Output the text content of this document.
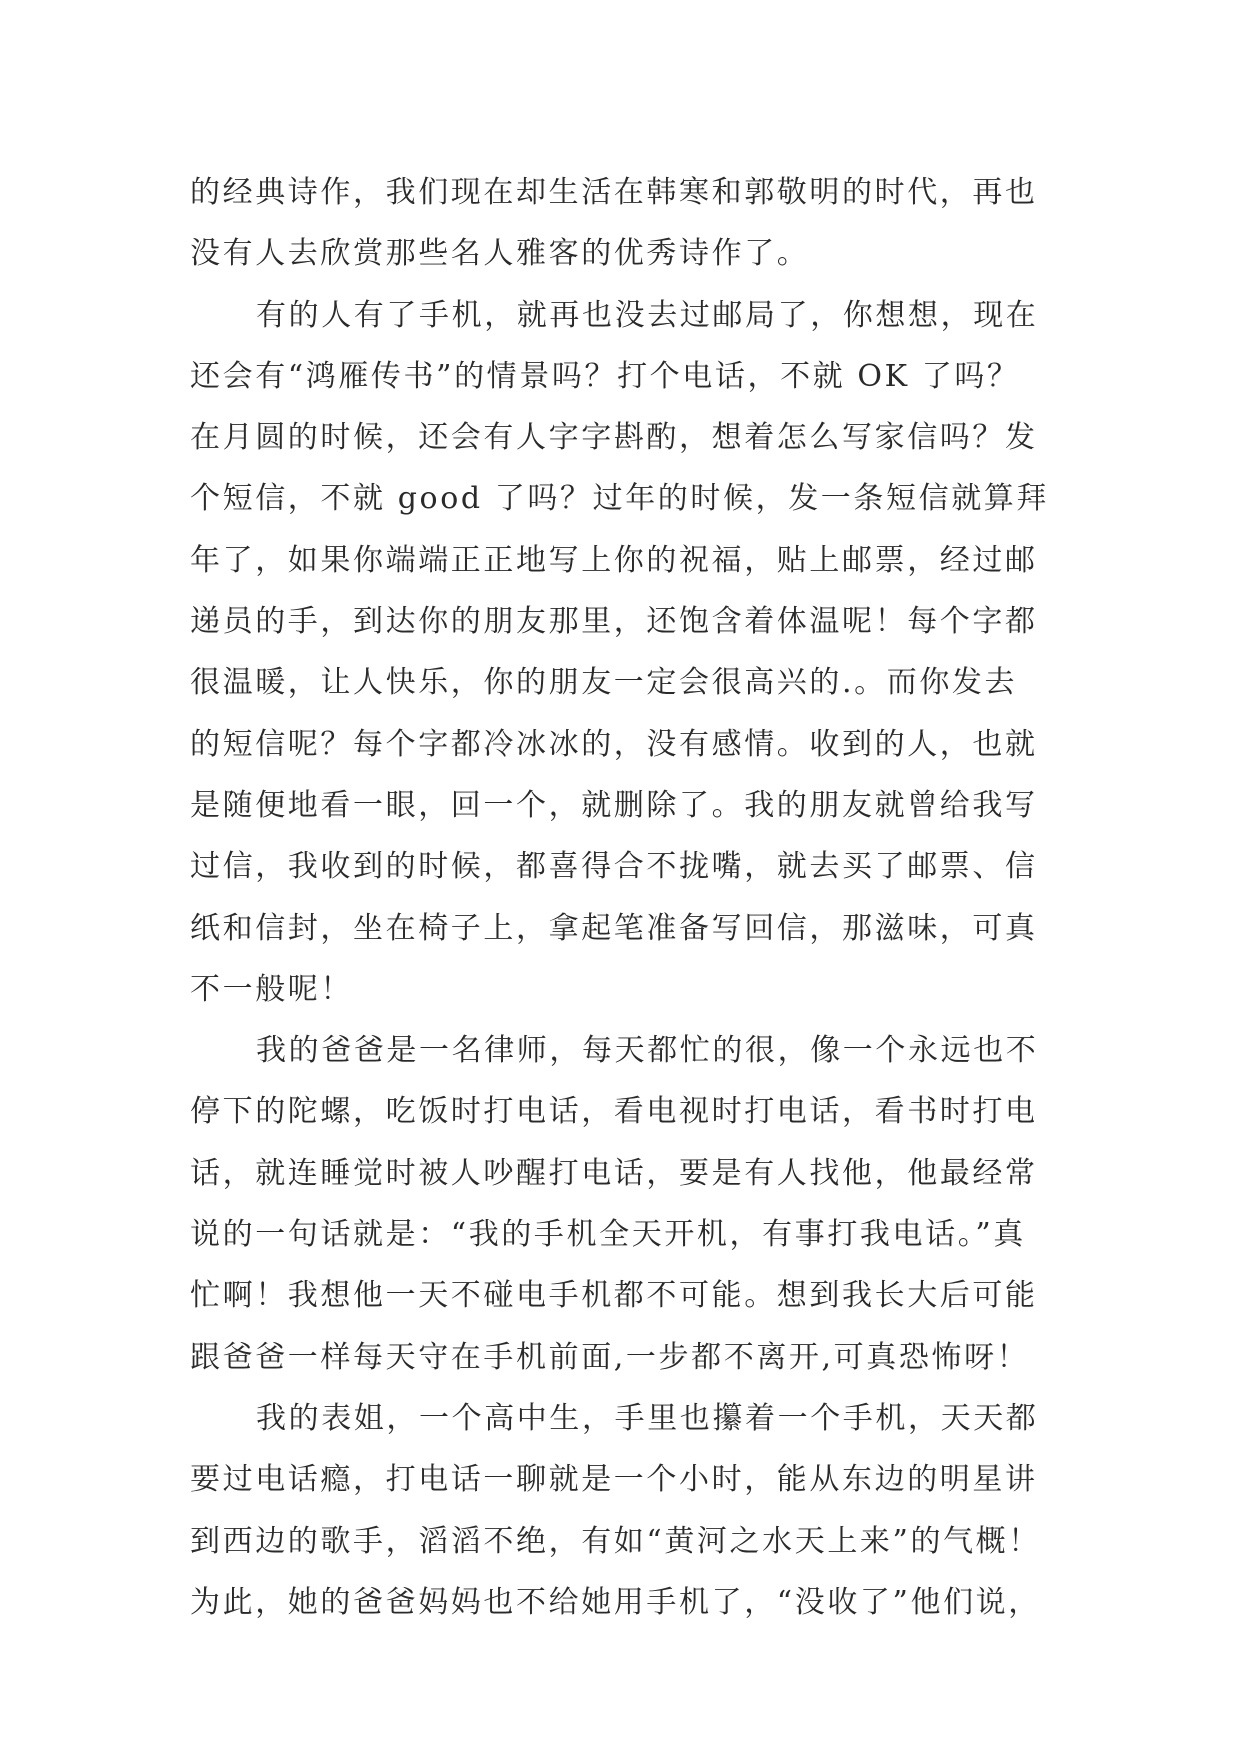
的经典诗作，我们现在却生活在韩寒和郭敬明的时代，再也
没有人去欣赏那些名人雅客的优秀诗作了。
有的人有了手机，就再也没去过邮局了，你想想，现在
还会有“鸿雁传书”的情景吗？打个电话，不就 OK 了吗？
在月圆的时候，还会有人字字斟酌，想着怎么写家信吗？发
个短信，不就 good 了吗？过年的时候，发一条短信就算拜
年了，如果你端端正正地写上你的祝福，贴上邮票，经过邮
递员的手，到达你的朋友那里，还饱含着体温呢！每个字都
很温暖，让人快乐，你的朋友一定会很高兴的.。而你发去
的短信呢？每个字都冷冰冰的，没有感情。收到的人，也就
是随便地看一眼，回一个，就删除了。我的朋友就曾给我写
过信，我收到的时候，都喜得合不拢嘴，就去买了邮票、信
纸和信封，坐在椅子上，拿起笔准备写回信，那滋味，可真
不一般呢！
我的爸爸是一名律师，每天都忙的很，像一个永远也不
停下的陀螺，吃饭时打电话，看电视时打电话，看书时打电
话，就连睡觉时被人吵醒打电话，要是有人找他，他最经常
说的一句话就是：“我的手机全天开机，有事打我电话。”真
忙啊！我想他一天不碰电手机都不可能。想到我长大后可能
跟爸爸一样每天守在手机前面,一步都不离开,可真恐怖呀！
我的表姐，一个高中生，手里也攥着一个手机，天天都
要过电话瘾，打电话一聊就是一个小时，能从东边的明星讲
到西边的歌手，滔滔不绝，有如“黄河之水天上来”的气概！
为此，她的爸爸妈妈也不给她用手机了，“没收了”他们说，
